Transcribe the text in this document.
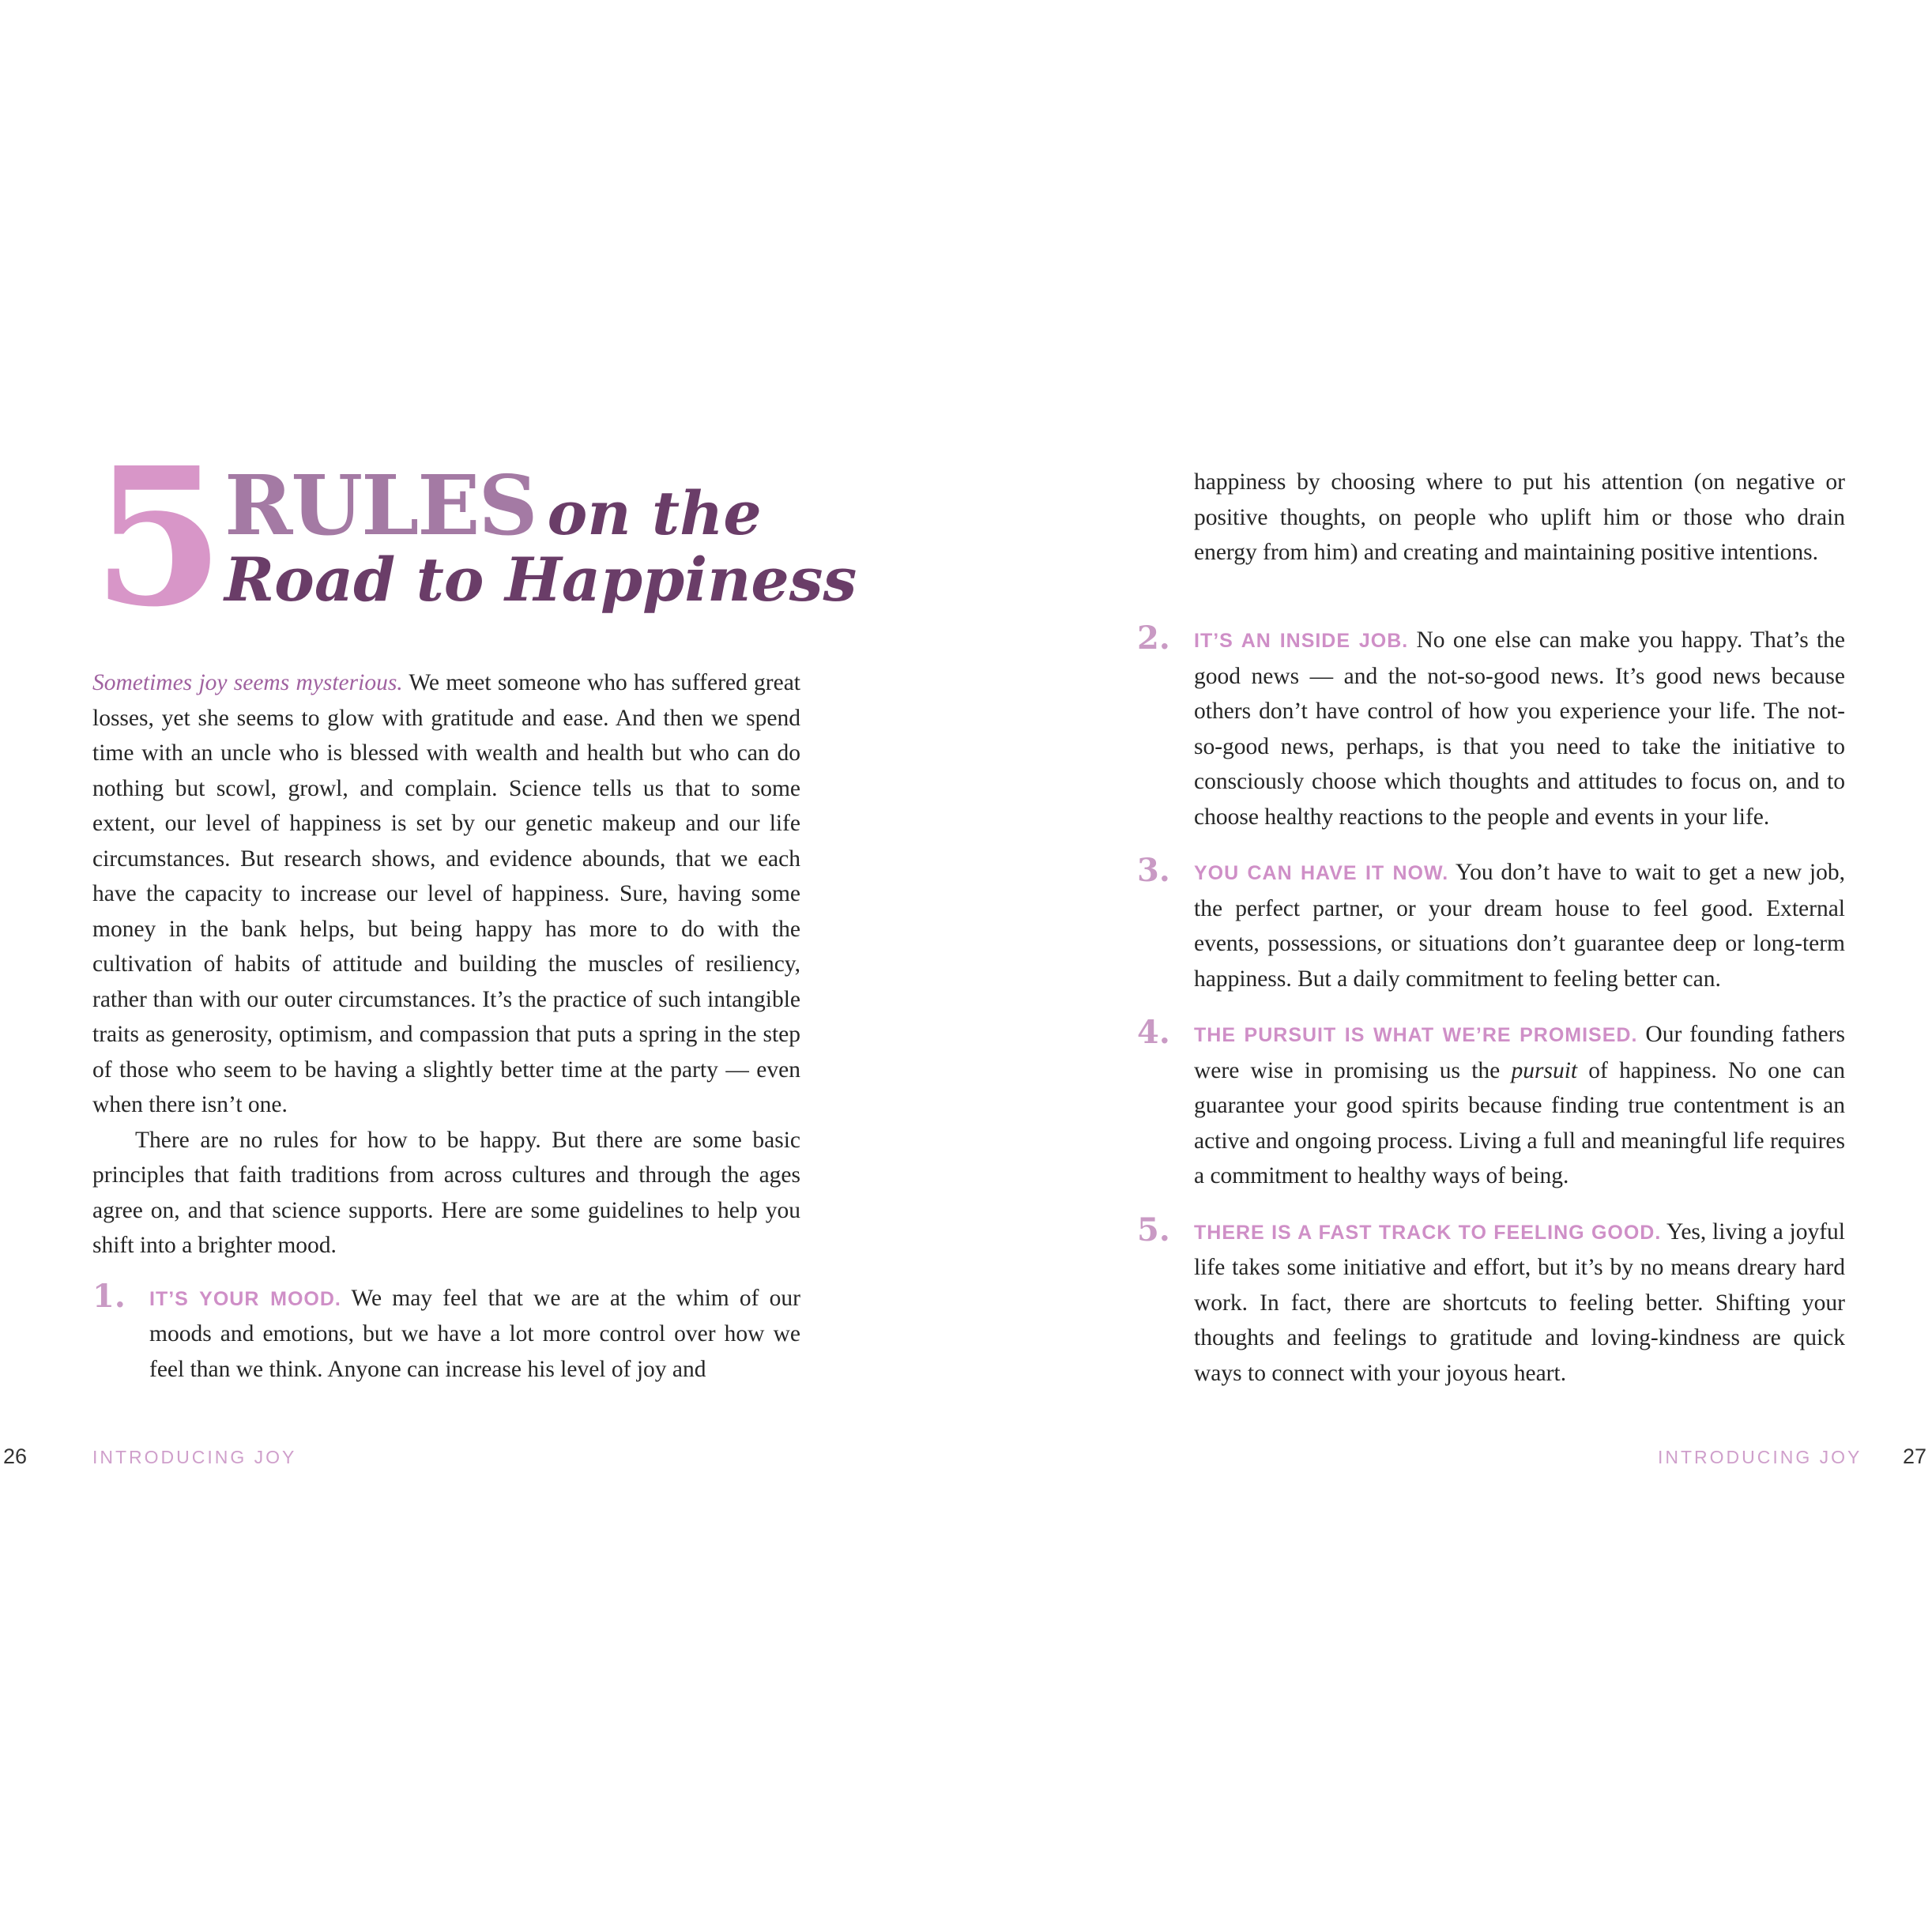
5 RULES on the
Road to Happiness

Sometimes joy seems mysterious. We meet someone who has suffered great losses, yet she seems to glow with gratitude and ease. And then we spend time with an uncle who is blessed with wealth and health but who can do nothing but scowl, growl, and complain. Science tells us that to some extent, our level of happiness is set by our genetic makeup and our life circumstances. But research shows, and evidence abounds, that we each have the capacity to increase our level of happiness. Sure, having some money in the bank helps, but being happy has more to do with the cultivation of habits of attitude and building the muscles of resiliency, rather than with our outer circumstances. It’s the practice of such intangible traits as generosity, optimism, and compassion that puts a spring in the step of those who seem to be having a slightly better time at the party — even when there isn’t one.

There are no rules for how to be happy. But there are some basic principles that faith traditions from across cultures and through the ages agree on, and that science supports. Here are some guidelines to help you shift into a brighter mood.

1. IT’S YOUR MOOD. We may feel that we are at the whim of our moods and emotions, but we have a lot more control over how we feel than we think. Anyone can increase his level of joy and
26	INTRODUCING JOY

happiness by choosing where to put his attention (on negative or positive thoughts, on people who uplift him or those who drain energy from him) and creating and maintaining positive intentions.

2. IT’S AN INSIDE JOB. No one else can make you happy. That’s the good news — and the not-so-good news. It’s good news because others don’t have control of how you experience your life. The not-so-good news, perhaps, is that you need to take the initiative to consciously choose which thoughts and attitudes to focus on, and to choose healthy reactions to the people and events in your life.
3. YOU CAN HAVE IT NOW. You don’t have to wait to get a new job, the perfect partner, or your dream house to feel good. External events, possessions, or situations don’t guarantee deep or long-term happiness. But a daily commitment to feeling better can.
4. THE PURSUIT IS WHAT WE’RE PROMISED. Our founding fathers were wise in promising us the pursuit of happiness. No one can guarantee your good spirits because finding true contentment is an active and ongoing process. Living a full and meaningful life requires a commitment to healthy ways of being.
5. THERE IS A FAST TRACK TO FEELING GOOD. Yes, living a joyful life takes some initiative and effort, but it’s by no means dreary hard work. In fact, there are shortcuts to feeling better. Shifting your thoughts and feelings to gratitude and loving-kindness are quick ways to connect with your joyous heart.
INTRODUCING JOY 27
